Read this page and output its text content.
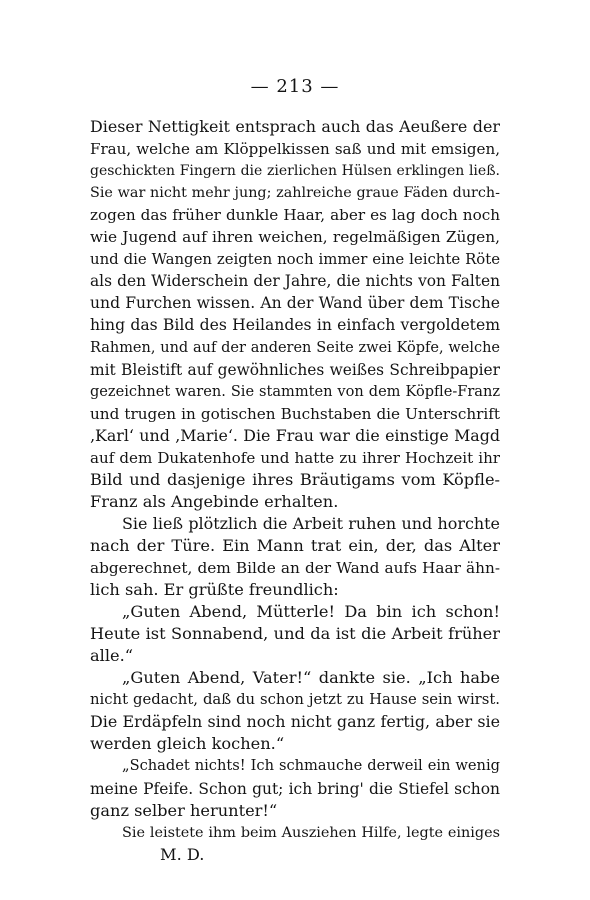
— 213 —
Dieser Nettigkeit entsprach auch das Aeußere der
Frau, welche am Klöppelkissen saß und mit emsigen,
geschickten Fingern die zierlichen Hülsen erklingen ließ.
Sie war nicht mehr jung; zahlreiche graue Fäden durch-
zogen das früher dunkle Haar, aber es lag doch noch
wie Jugend auf ihren weichen, regelmäßigen Zügen,
und die Wangen zeigten noch immer eine leichte Röte
als den Widerschein der Jahre, die nichts von Falten
und Furchen wissen. An der Wand über dem Tische
hing das Bild des Heilandes in einfach vergoldetem
Rahmen, und auf der anderen Seite zwei Köpfe, welche
mit Bleistift auf gewöhnliches weißes Schreibpapier
gezeichnet waren. Sie stammten von dem Köpfle-Franz
und trugen in gotischen Buchstaben die Unterschrift
‚Karl‘ und ‚Marie‘. Die Frau war die einstige Magd
auf dem Dukatenhofe und hatte zu ihrer Hochzeit ihr
Bild und dasjenige ihres Bräutigams vom Köpfle-
Franz als Angebinde erhalten.
Sie ließ plötzlich die Arbeit ruhen und horchte
nach der Türe. Ein Mann trat ein, der, das Alter
abgerechnet, dem Bilde an der Wand aufs Haar ähn-
lich sah. Er grüßte freundlich:
„Guten Abend, Mütterle! Da bin ich schon!
Heute ist Sonnabend, und da ist die Arbeit früher
alle.“
„Guten Abend, Vater!“ dankte sie. „Ich habe
nicht gedacht, daß du schon jetzt zu Hause sein wirst.
Die Erdäpfeln sind noch nicht ganz fertig, aber sie
werden gleich kochen.“
„Schadet nichts! Ich schmauche derweil ein wenig
meine Pfeife. Schon gut; ich bring' die Stiefel schon
ganz selber herunter!“
Sie leistete ihm beim Ausziehen Hilfe, legte einiges
M. D.
